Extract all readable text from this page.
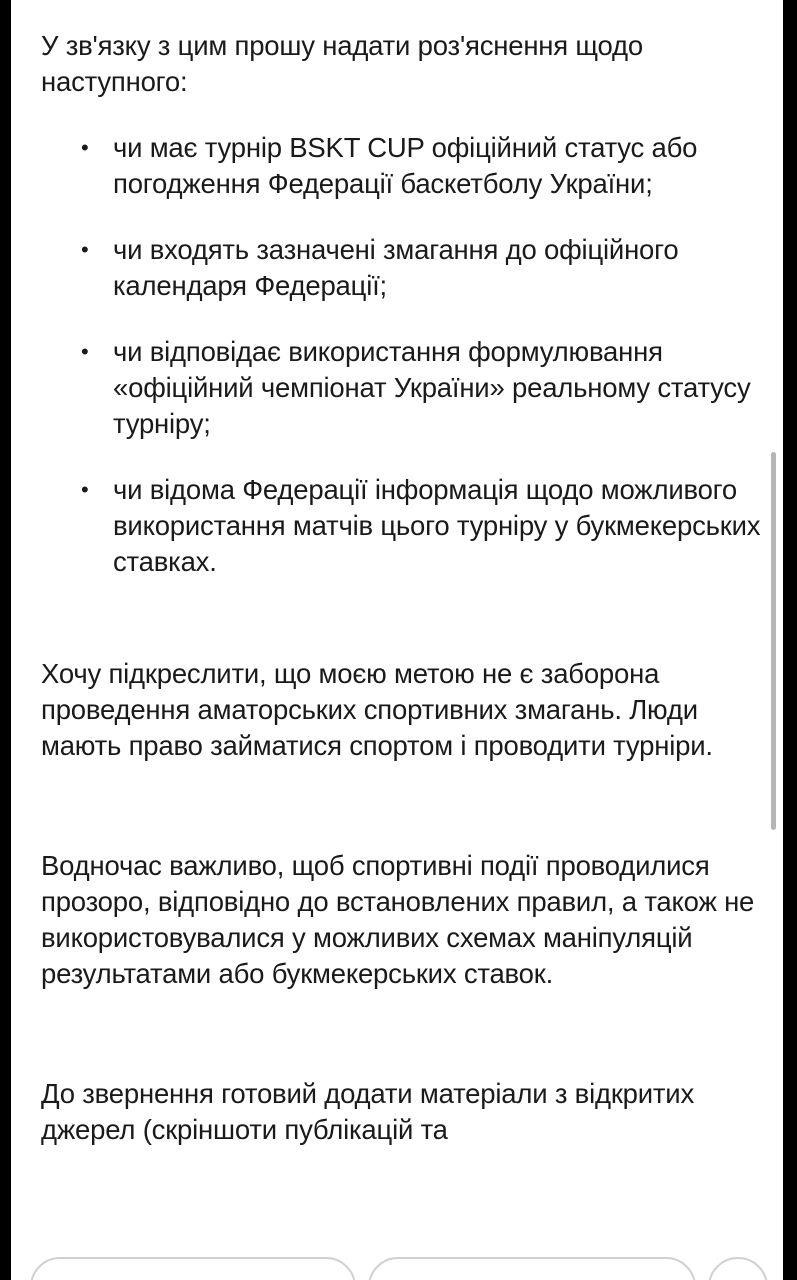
У зв'язку з цим прошу надати роз'яснення щодо наступного:

• чи має турнір BSKT CUP офіційний статус або погодження Федерації баскетболу України;
• чи входять зазначені змагання до офіційного календаря Федерації;
• чи відповідає використання формулювання «офіційний чемпіонат України» реальному статусу турніру;
• чи відома Федерації інформація щодо можливого використання матчів цього турніру у букмекерських ставках.

Хочу підкреслити, що моєю метою не є заборона проведення аматорських спортивних змагань. Люди мають право займатися спортом і проводити турніри.

Водночас важливо, щоб спортивні події проводилися прозоро, відповідно до встановлених правил, а також не використовувалися у можливих схемах маніпуляцій результатами або букмекерських ставок.

До звернення готовий додати матеріали з відкритих джерел (скріншоти публікацій та
